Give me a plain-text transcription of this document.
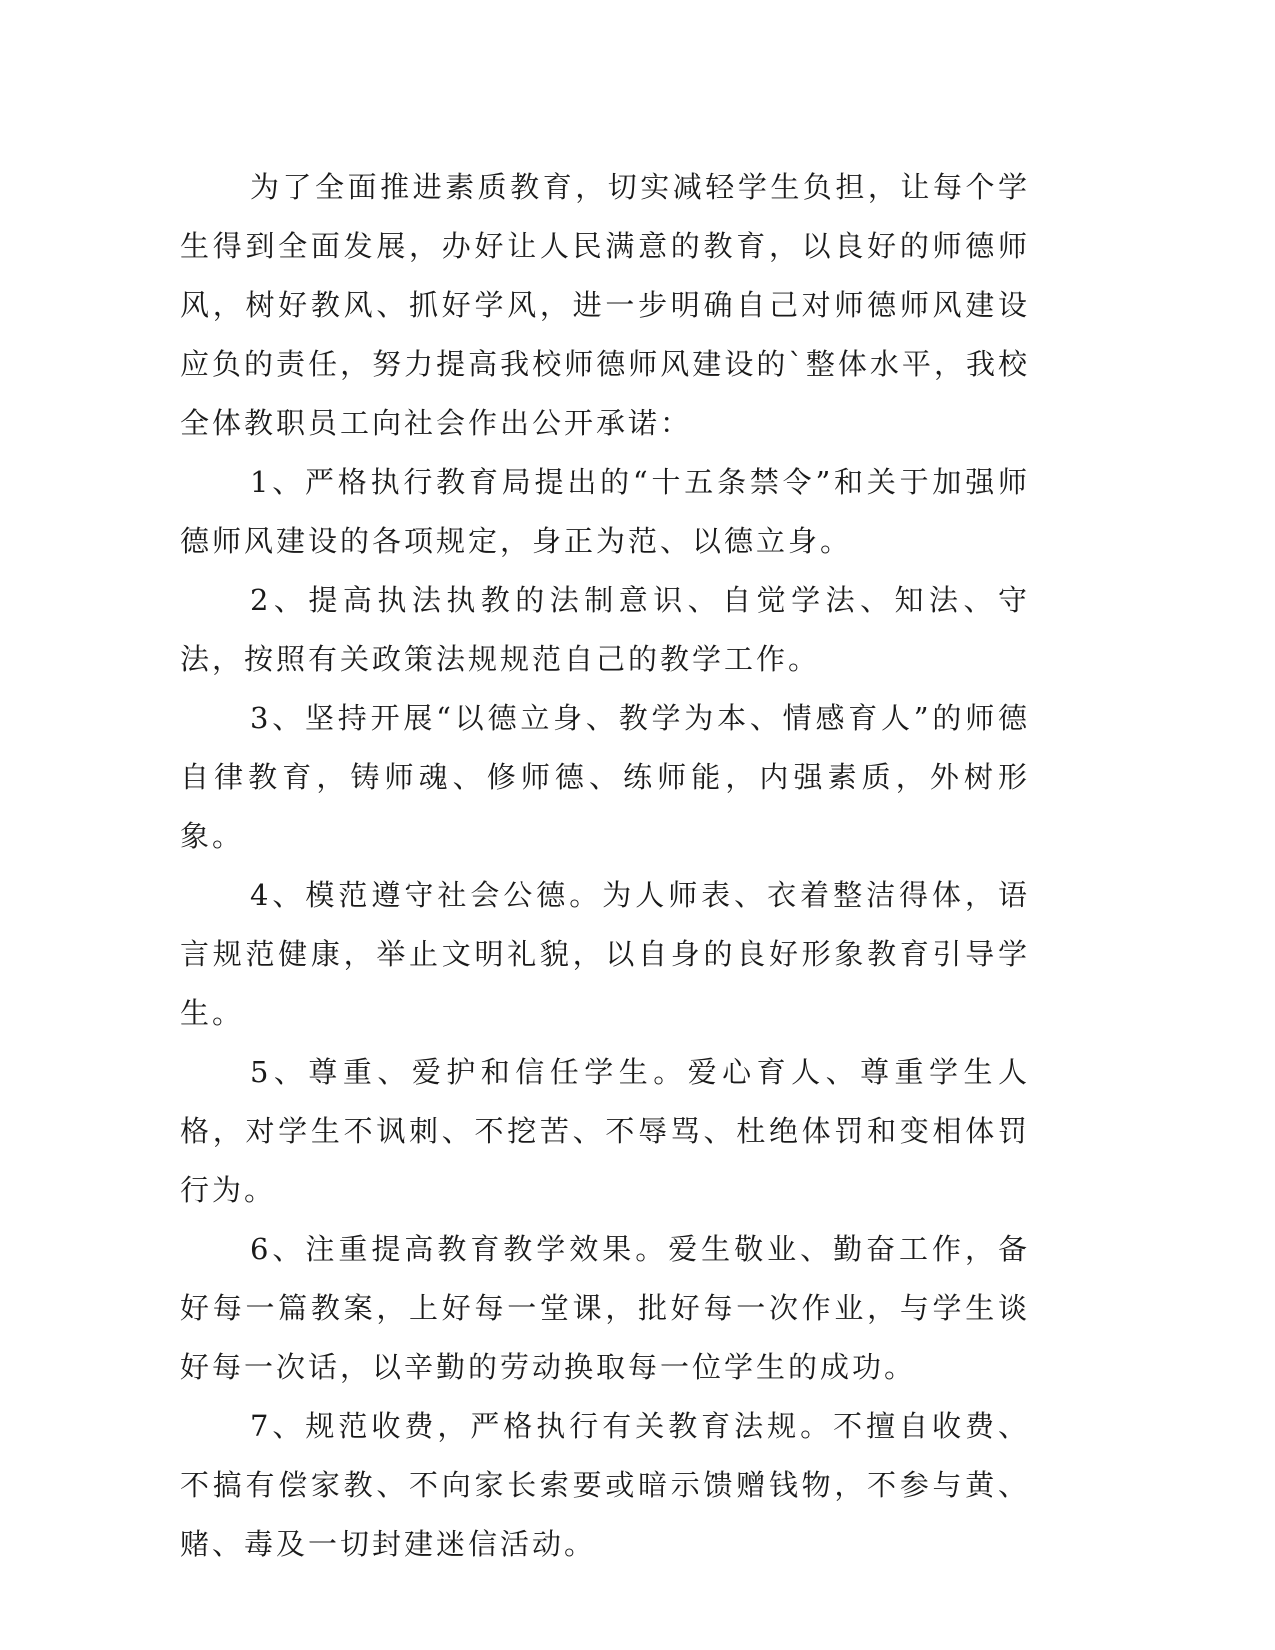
为了全面推进素质教育，切实减轻学生负担，让每个学生得到全面发展，办好让人民满意的教育，以良好的师德师风，树好教风、抓好学风，进一步明确自己对师德师风建设应负的责任，努力提高我校师德师风建设的`整体水平，我校全体教职员工向社会作出公开承诺：

1、严格执行教育局提出的“十五条禁令”和关于加强师德师风建设的各项规定，身正为范、以德立身。

2、提高执法执教的法制意识、自觉学法、知法、守法，按照有关政策法规规范自己的教学工作。

3、坚持开展“以德立身、教学为本、情感育人”的师德自律教育，铸师魂、修师德、练师能，内强素质，外树形象。

4、模范遵守社会公德。为人师表、衣着整洁得体，语言规范健康，举止文明礼貌，以自身的良好形象教育引导学生。

5、尊重、爱护和信任学生。爱心育人、尊重学生人格，对学生不讽刺、不挖苦、不辱骂、杜绝体罚和变相体罚行为。

6、注重提高教育教学效果。爱生敬业、勤奋工作，备好每一篇教案，上好每一堂课，批好每一次作业，与学生谈好每一次话，以辛勤的劳动换取每一位学生的成功。

7、规范收费，严格执行有关教育法规。不擅自收费、不搞有偿家教、不向家长索要或暗示馈赠钱物，不参与黄、赌、毒及一切封建迷信活动。
